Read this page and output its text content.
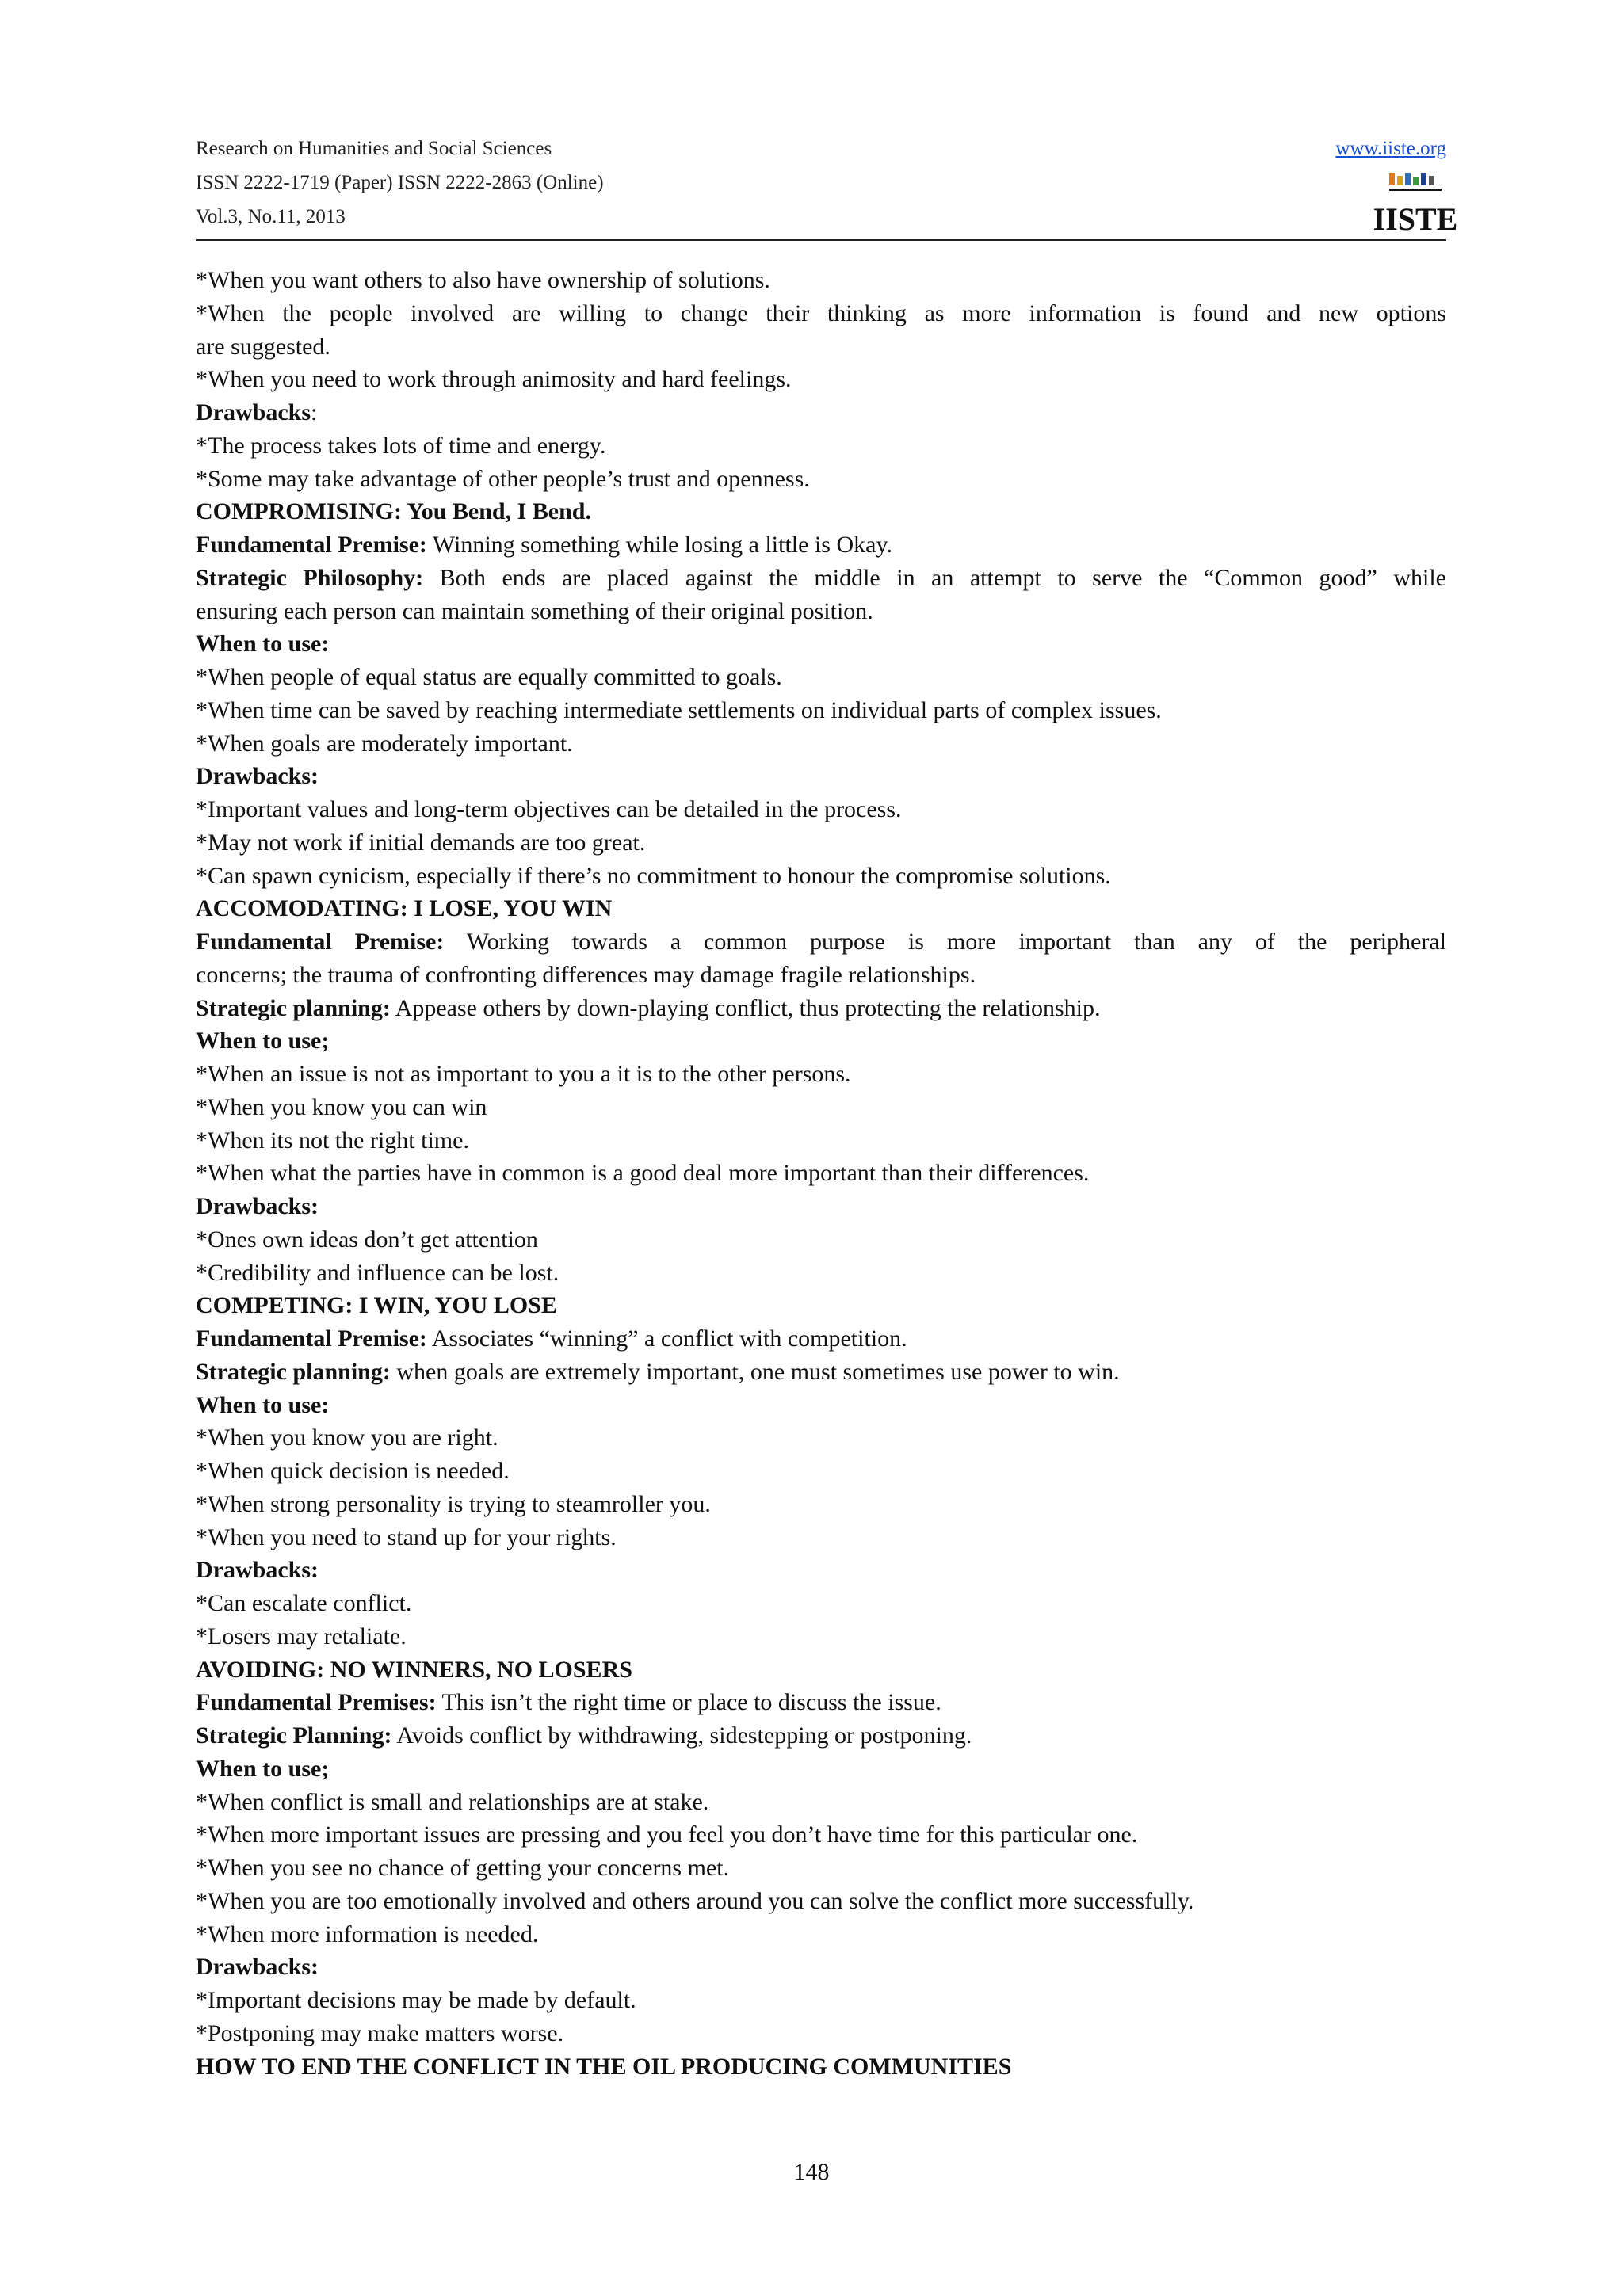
Research on Humanities and Social Sciences
ISSN 2222-1719 (Paper) ISSN 2222-2863 (Online)
Vol.3, No.11, 2013
www.iiste.org
IISTE
*When you want others to also have ownership of solutions.
*When the people involved are willing to change their thinking as more information is found and new options
are suggested.
*When you need to work through animosity and hard feelings.
Drawbacks:
*The process takes lots of time and energy.
*Some may take advantage of other people’s trust and openness.
COMPROMISING: You Bend, I Bend.
Fundamental Premise: Winning something while losing a little is Okay.
Strategic Philosophy: Both ends are placed against the middle in an attempt to serve the “Common good” while
ensuring each person can maintain something of their original position.
When to use:
*When people of equal status are equally committed to goals.
*When time can be saved by reaching intermediate settlements on individual parts of complex issues.
*When goals are moderately important.
Drawbacks:
*Important values and long-term objectives can be detailed in the process.
*May not work if initial demands are too great.
*Can spawn cynicism, especially if there’s no commitment to honour the compromise solutions.
ACCOMODATING: I LOSE, YOU WIN
Fundamental Premise: Working towards a common purpose is more important than any of the peripheral
concerns; the trauma of confronting differences may damage fragile relationships.
Strategic planning: Appease others by down-playing conflict, thus protecting the relationship.
When to use;
*When an issue is not as important to you a it is to the other persons.
*When you know you can win
*When its not the right time.
*When what the parties have in common is a good deal more important than their differences.
Drawbacks:
*Ones own ideas don’t get attention
*Credibility and influence can be lost.
COMPETING: I WIN, YOU LOSE
Fundamental Premise: Associates “winning” a conflict with competition.
Strategic planning: when goals are extremely important, one must sometimes use power to win.
When to use:
*When you know you are right.
*When quick decision is needed.
*When strong personality is trying to steamroller you.
*When you need to stand up for your rights.
Drawbacks:
*Can escalate conflict.
*Losers may retaliate.
AVOIDING: NO WINNERS, NO LOSERS
Fundamental Premises: This isn’t the right time or place to discuss the issue.
Strategic Planning: Avoids conflict by withdrawing, sidestepping or postponing.
When to use;
*When conflict is small and relationships are at stake.
*When more important issues are pressing and you feel you don’t have time for this particular one.
*When you see no chance of getting your concerns met.
*When you are too emotionally involved and others around you can solve the conflict more successfully.
*When more information is needed.
Drawbacks:
*Important decisions may be made by default.
*Postponing may make matters worse.
HOW TO END THE CONFLICT IN THE OIL PRODUCING COMMUNITIES
148
